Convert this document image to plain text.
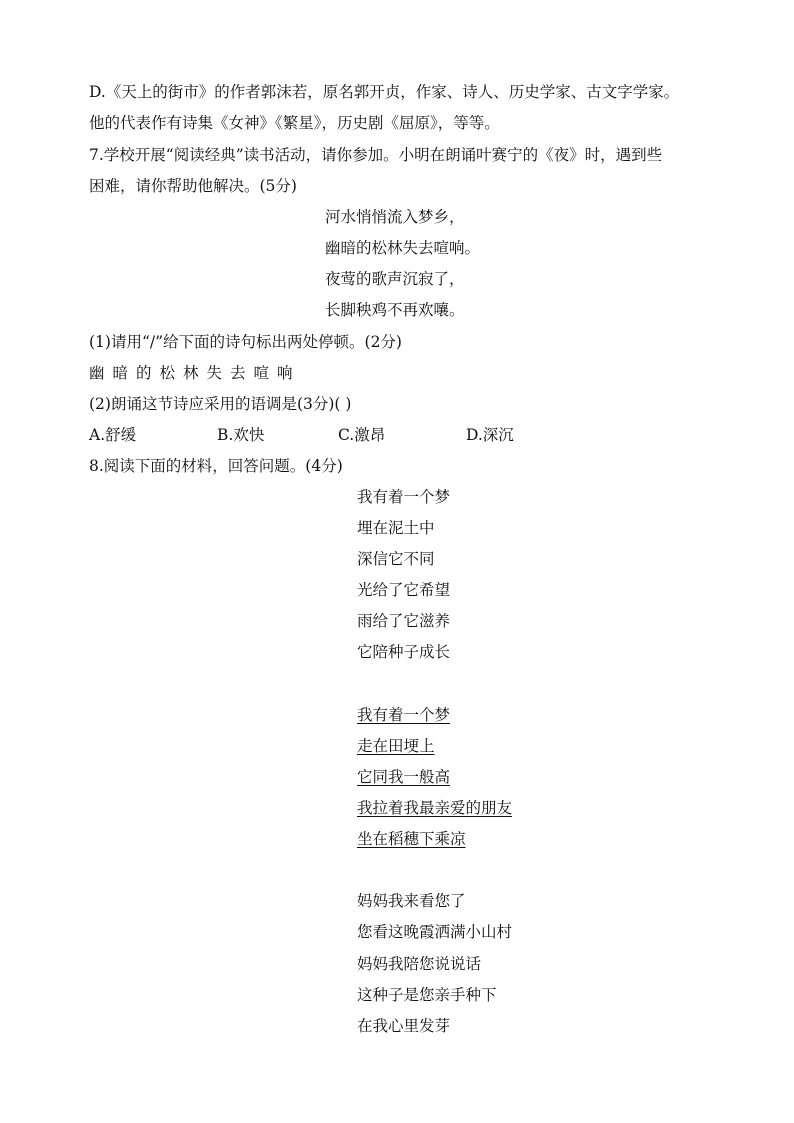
D.《天上的街市》的作者郭沫若，原名郭开贞，作家、诗人、历史学家、古文字学家。
他的代表作有诗集《女神》《繁星》，历史剧《屈原》，等等。
7.学校开展“阅读经典”读书活动，请你参加。小明在朗诵叶赛宁的《夜》时，遇到些
困难，请你帮助他解决。(5分)
河水悄悄流入梦乡，
幽暗的松林失去喧响。
夜莺的歌声沉寂了，
长脚秧鸡不再欢嚷。
(1)请用“/”给下面的诗句标出两处停顿。(2分)
幽暗的松林失去喧响
(2)朗诵这节诗应采用的语调是(3分)( )
A.舒缓	B.欢快	C.激昂	D.深沉
8.阅读下面的材料，回答问题。(4分)
我有着一个梦
埋在泥土中
深信它不同
光给了它希望
雨给了它滋养
它陪种子成长
我有着一个梦
走在田埂上
它同我一般高
我拉着我最亲爱的朋友
坐在稻穗下乘凉
妈妈我来看您了
您看这晚霞洒满小山村
妈妈我陪您说说话
这种子是您亲手种下
在我心里发芽
